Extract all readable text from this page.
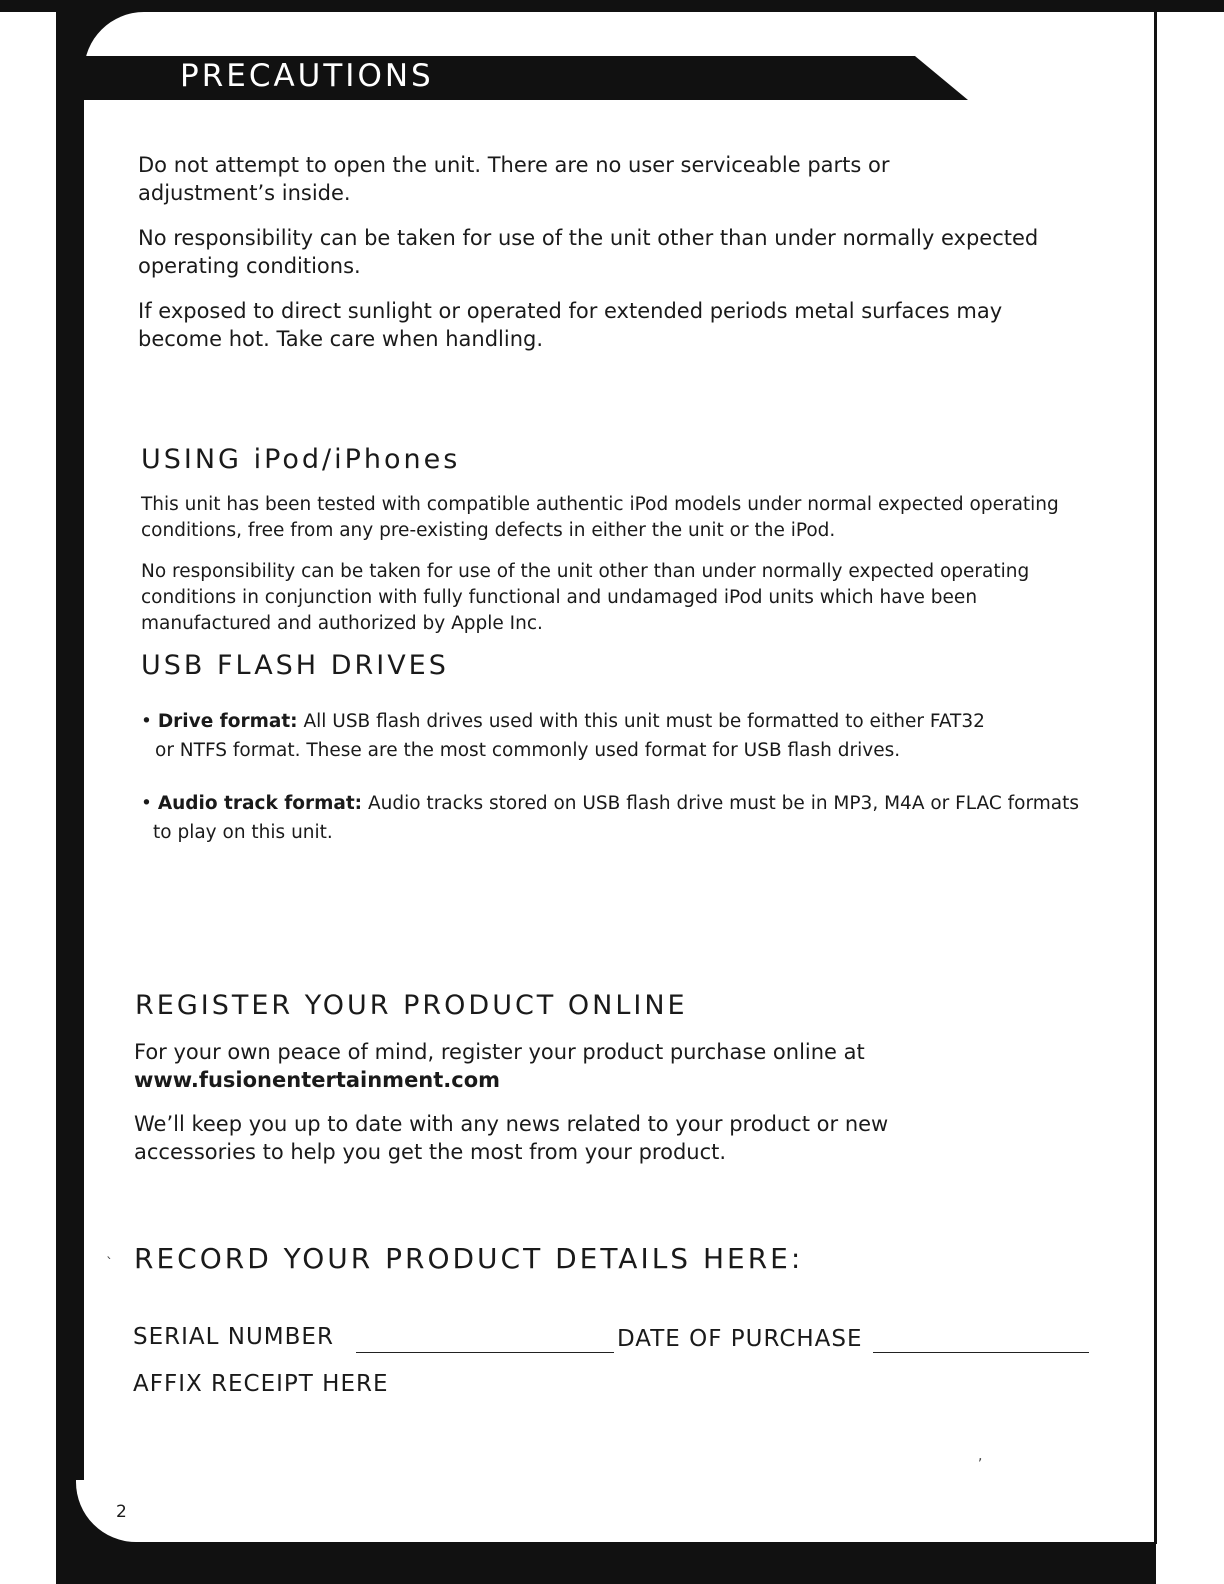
PRECAUTIONS

Do not attempt to open the unit. There are no user serviceable parts or
adjustment’s inside.

No responsibility can be taken for use of the unit other than under normally expected
operating conditions.

If exposed to direct sunlight or operated for extended periods metal surfaces may
become hot. Take care when handling.

USING iPod/iPhones

This unit has been tested with compatible authentic iPod models under normal expected operating
conditions, free from any pre-existing defects in either the unit or the iPod.

No responsibility can be taken for use of the unit other than under normally expected operating
conditions in conjunction with fully functional and undamaged iPod units which have been
manufactured and authorized by Apple Inc.

USB FLASH DRIVES

• Drive format: All USB flash drives used with this unit must be formatted to either FAT32
or NTFS format. These are the most commonly used format for USB flash drives.

• Audio track format: Audio tracks stored on USB flash drive must be in MP3, M4A or FLAC formats
to play on this unit.

REGISTER YOUR PRODUCT ONLINE

For your own peace of mind, register your product purchase online at
www.fusionentertainment.com

We’ll keep you up to date with any news related to your product or new
accessories to help you get the most from your product.

` RECORD YOUR PRODUCT DETAILS HERE:
SERIAL NUMBER	DATE OF PURCHASE
AFFIX RECEIPT HERE
,
2
